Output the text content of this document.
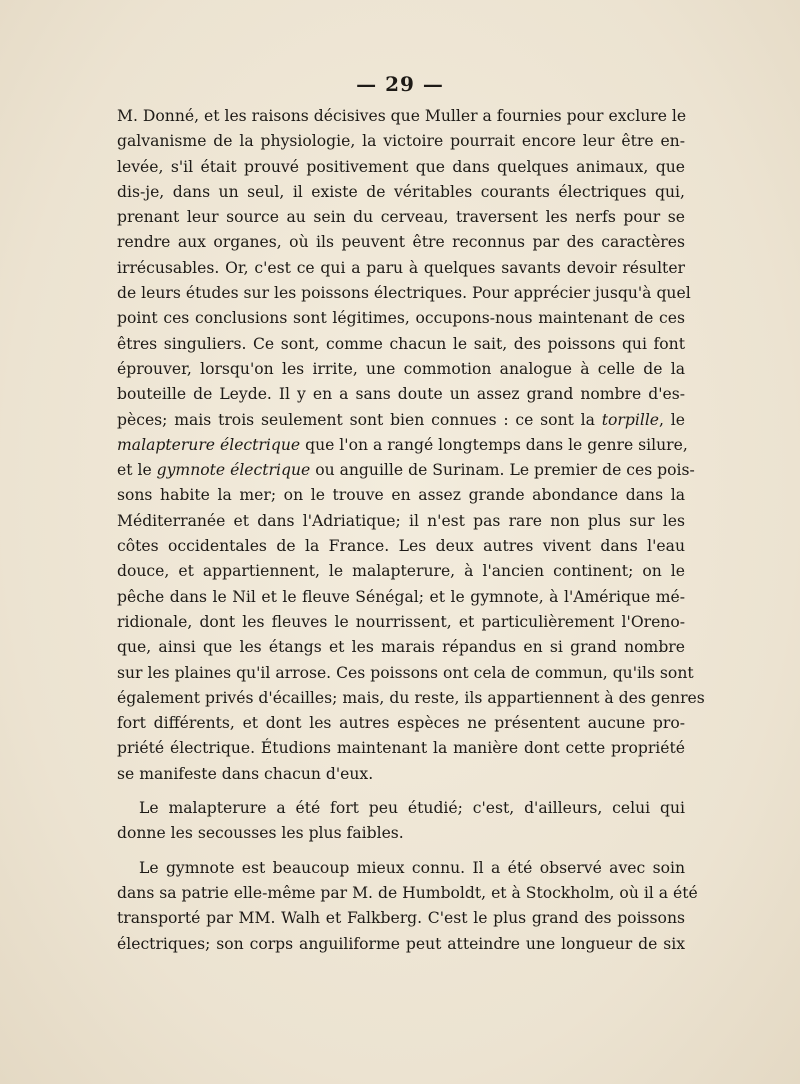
— 29 —
M. Donné, et les raisons décisives que Muller a fournies pour exclure le
galvanisme de la physiologie, la victoire pourrait encore leur être en-
levée, s'il était prouvé positivement que dans quelques animaux, que
dis-je, dans un seul, il existe de véritables courants électriques qui,
prenant leur source au sein du cerveau, traversent les nerfs pour se
rendre aux organes, où ils peuvent être reconnus par des caractères
irrécusables. Or, c'est ce qui a paru à quelques savants devoir résulter
de leurs études sur les poissons électriques. Pour apprécier jusqu'à quel
point ces conclusions sont légitimes, occupons-nous maintenant de ces
êtres singuliers. Ce sont, comme chacun le sait, des poissons qui font
éprouver, lorsqu'on les irrite, une commotion analogue à celle de la
bouteille de Leyde. Il y en a sans doute un assez grand nombre d'es-
pèces; mais trois seulement sont bien connues : ce sont la torpille, le
malapterure électrique que l'on a rangé longtemps dans le genre silure,
et le gymnote électrique ou anguille de Surinam. Le premier de ces pois-
sons habite la mer; on le trouve en assez grande abondance dans la
Méditerranée et dans l'Adriatique; il n'est pas rare non plus sur les
côtes occidentales de la France. Les deux autres vivent dans l'eau
douce, et appartiennent, le malapterure, à l'ancien continent; on le
pêche dans le Nil et le fleuve Sénégal; et le gymnote, à l'Amérique mé-
ridionale, dont les fleuves le nourrissent, et particulièrement l'Oreno-
que, ainsi que les étangs et les marais répandus en si grand nombre
sur les plaines qu'il arrose. Ces poissons ont cela de commun, qu'ils sont
également privés d'écailles; mais, du reste, ils appartiennent à des genres
fort différents, et dont les autres espèces ne présentent aucune pro-
priété électrique. Étudions maintenant la manière dont cette propriété
se manifeste dans chacun d'eux.
Le malapterure a été fort peu étudié; c'est, d'ailleurs, celui qui
donne les secousses les plus faibles.
Le gymnote est beaucoup mieux connu. Il a été observé avec soin
dans sa patrie elle-même par M. de Humboldt, et à Stockholm, où il a été
transporté par MM. Walh et Falkberg. C'est le plus grand des poissons
électriques; son corps anguiliforme peut atteindre une longueur de six
